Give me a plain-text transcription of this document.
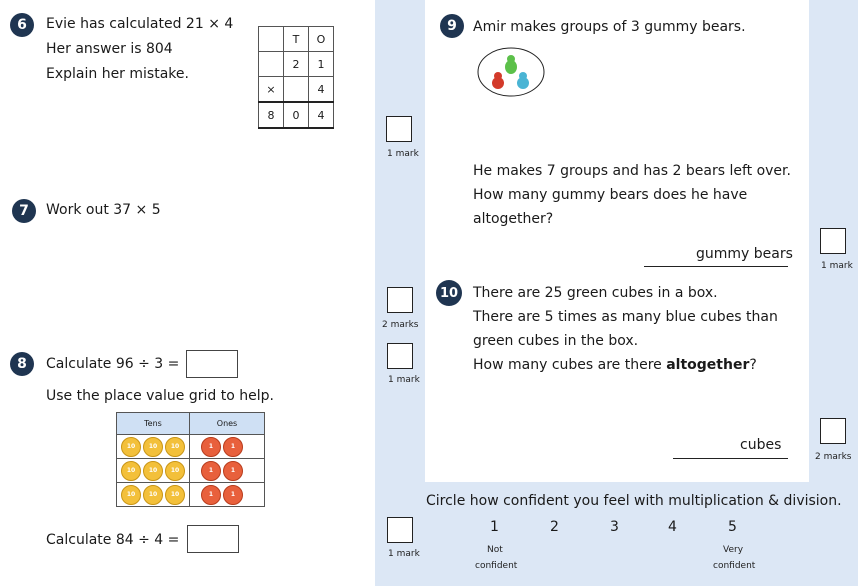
6	Evie has calculated 21 × 4
Her answer is 804
Explain her mistake.
	T	O
	2	1
×		4
8	0	4
1 mark
7	Work out 37 × 5
2 marks
8	Calculate 96 ÷ 3 =
Use the place value grid to help.
Tens	Ones
10 10 10	1 1
10 10 10	1 1
10 10 10	1 1
1 mark
Calculate 84 ÷ 4 =
1 mark
9	Amir makes groups of 3 gummy bears.
He makes 7 groups and has 2 bears left over.
How many gummy bears does he have
altogether?
gummy bears
1 mark
10 There are 25 green cubes in a box.
There are 5 times as many blue cubes than
green cubes in the box.
How many cubes are there altogether?
cubes
2 marks
Circle how confident you feel with multiplication & division.
1	2	3	4	5
Not
confident
Very
confident
